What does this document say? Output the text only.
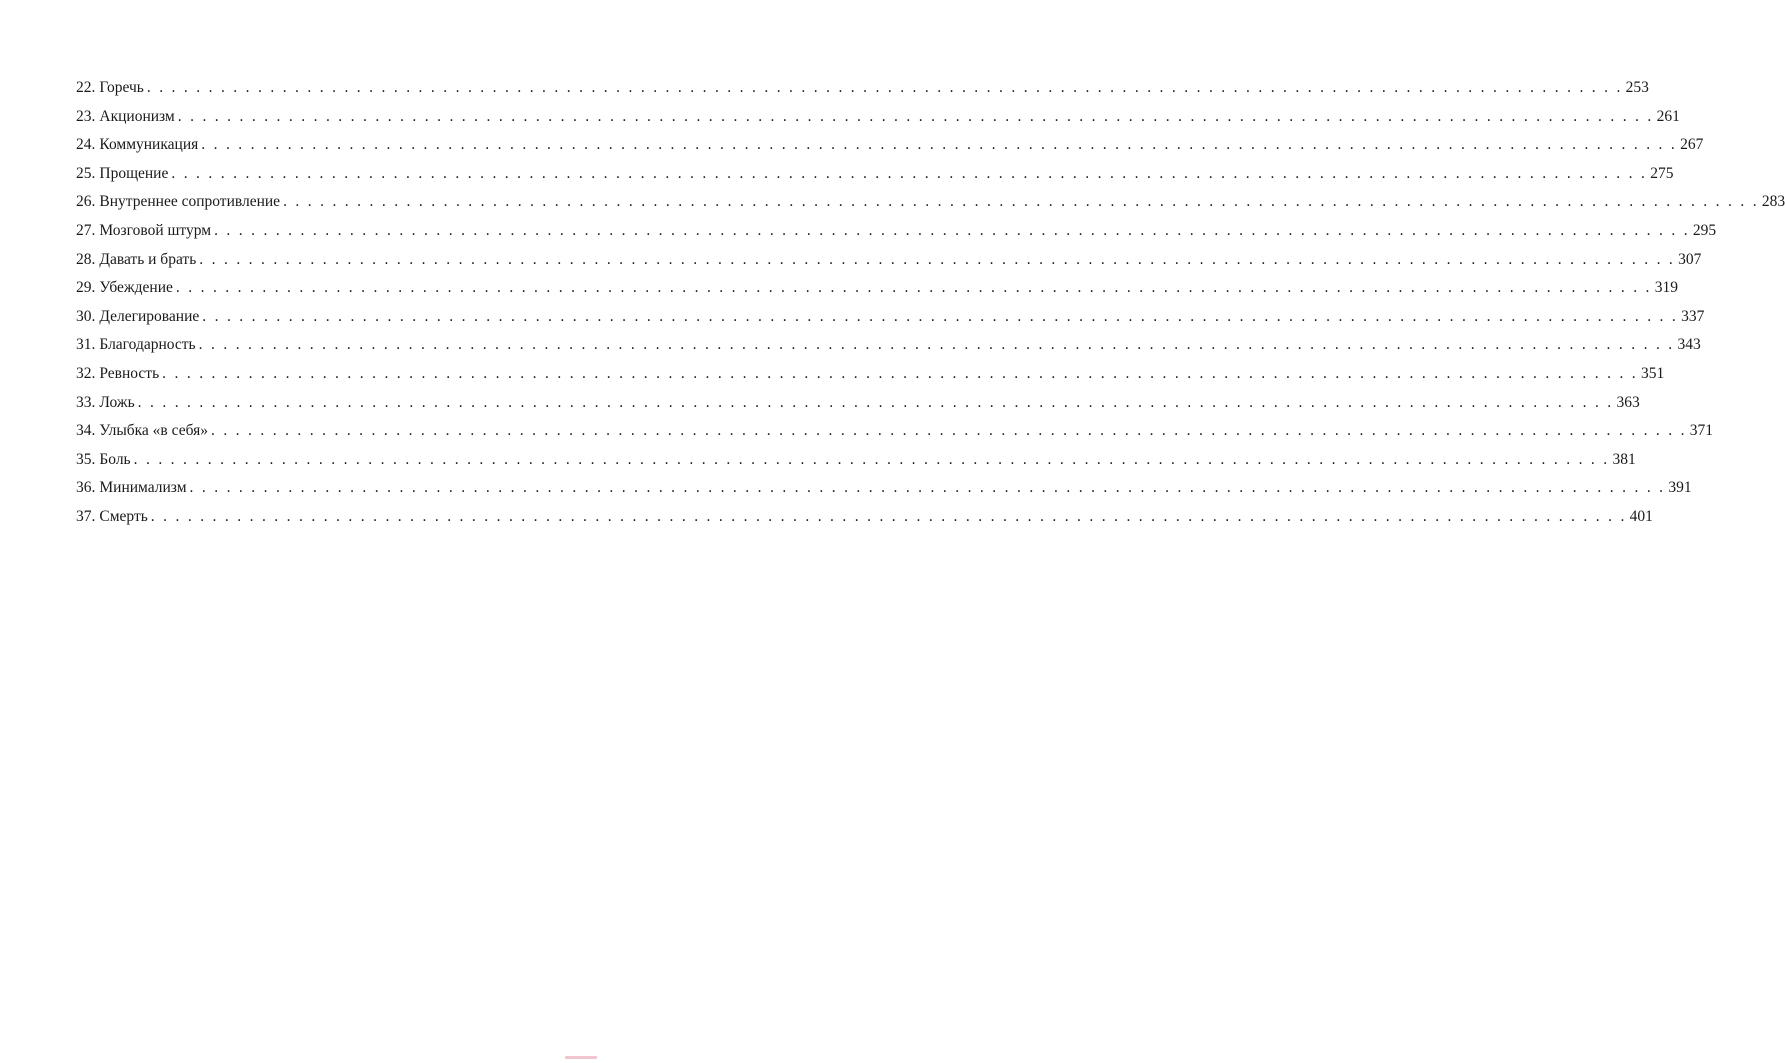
22. Горечь . . . . . . . . . . . . . . . . . . . . . . . . . . . . . . . . . . . . . . . . . . . . . . . . . . . . . . . . . . . . . . . . . . . . . . . . . . . . . . . . . . . . . . . . . . . . . . . . . . . . . . . . . . . . . . . . . . . . . . . . 253
23. Акционизм . . . . . . . . . . . . . . . . . . . . . . . . . . . . . . . . . . . . . . . . . . . . . . . . . . . . . . . . . . . . . . . . . . . . . . . . . . . . . . . . . . . . . . . . . . . . . . . . . . . . . . . . . . . . . . . . . . . . . . . . 261
24. Коммуникация . . . . . . . . . . . . . . . . . . . . . . . . . . . . . . . . . . . . . . . . . . . . . . . . . . . . . . . . . . . . . . . . . . . . . . . . . . . . . . . . . . . . . . . . . . . . . . . . . . . . . . . . . . . . . . . . . . . . . . . . 267
25. Прощение . . . . . . . . . . . . . . . . . . . . . . . . . . . . . . . . . . . . . . . . . . . . . . . . . . . . . . . . . . . . . . . . . . . . . . . . . . . . . . . . . . . . . . . . . . . . . . . . . . . . . . . . . . . . . . . . . . . . . . . . 275
26. Внутреннее сопротивление . . . . . . . . . . . . . . . . . . . . . . . . . . . . . . . . . . . . . . . . . . . . . . . . . . . . . . . . . . . . . . . . . . . . . . . . . . . . . . . . . . . . . . . . . . . . . . . . . . . . . . . . . . . . . . . . . . . . . . . . 283
27. Мозговой штурм . . . . . . . . . . . . . . . . . . . . . . . . . . . . . . . . . . . . . . . . . . . . . . . . . . . . . . . . . . . . . . . . . . . . . . . . . . . . . . . . . . . . . . . . . . . . . . . . . . . . . . . . . . . . . . . . . . . . . . . . 295
28. Давать и брать . . . . . . . . . . . . . . . . . . . . . . . . . . . . . . . . . . . . . . . . . . . . . . . . . . . . . . . . . . . . . . . . . . . . . . . . . . . . . . . . . . . . . . . . . . . . . . . . . . . . . . . . . . . . . . . . . . . . . . . . 307
29. Убеждение . . . . . . . . . . . . . . . . . . . . . . . . . . . . . . . . . . . . . . . . . . . . . . . . . . . . . . . . . . . . . . . . . . . . . . . . . . . . . . . . . . . . . . . . . . . . . . . . . . . . . . . . . . . . . . . . . . . . . . . . 319
30. Делегирование . . . . . . . . . . . . . . . . . . . . . . . . . . . . . . . . . . . . . . . . . . . . . . . . . . . . . . . . . . . . . . . . . . . . . . . . . . . . . . . . . . . . . . . . . . . . . . . . . . . . . . . . . . . . . . . . . . . . . . . . 337
31. Благодарность . . . . . . . . . . . . . . . . . . . . . . . . . . . . . . . . . . . . . . . . . . . . . . . . . . . . . . . . . . . . . . . . . . . . . . . . . . . . . . . . . . . . . . . . . . . . . . . . . . . . . . . . . . . . . . . . . . . . . . . . 343
32. Ревность . . . . . . . . . . . . . . . . . . . . . . . . . . . . . . . . . . . . . . . . . . . . . . . . . . . . . . . . . . . . . . . . . . . . . . . . . . . . . . . . . . . . . . . . . . . . . . . . . . . . . . . . . . . . . . . . . . . . . . . . 351
33. Ложь . . . . . . . . . . . . . . . . . . . . . . . . . . . . . . . . . . . . . . . . . . . . . . . . . . . . . . . . . . . . . . . . . . . . . . . . . . . . . . . . . . . . . . . . . . . . . . . . . . . . . . . . . . . . . . . . . . . . . . . . 363
34. Улыбка «в себя» . . . . . . . . . . . . . . . . . . . . . . . . . . . . . . . . . . . . . . . . . . . . . . . . . . . . . . . . . . . . . . . . . . . . . . . . . . . . . . . . . . . . . . . . . . . . . . . . . . . . . . . . . . . . . . . . . . . . . . . . 371
35. Боль . . . . . . . . . . . . . . . . . . . . . . . . . . . . . . . . . . . . . . . . . . . . . . . . . . . . . . . . . . . . . . . . . . . . . . . . . . . . . . . . . . . . . . . . . . . . . . . . . . . . . . . . . . . . . . . . . . . . . . . . 381
36. Минимализм . . . . . . . . . . . . . . . . . . . . . . . . . . . . . . . . . . . . . . . . . . . . . . . . . . . . . . . . . . . . . . . . . . . . . . . . . . . . . . . . . . . . . . . . . . . . . . . . . . . . . . . . . . . . . . . . . . . . . . . . 391
37. Смерть . . . . . . . . . . . . . . . . . . . . . . . . . . . . . . . . . . . . . . . . . . . . . . . . . . . . . . . . . . . . . . . . . . . . . . . . . . . . . . . . . . . . . . . . . . . . . . . . . . . . . . . . . . . . . . . . . . . . . . . . 401
